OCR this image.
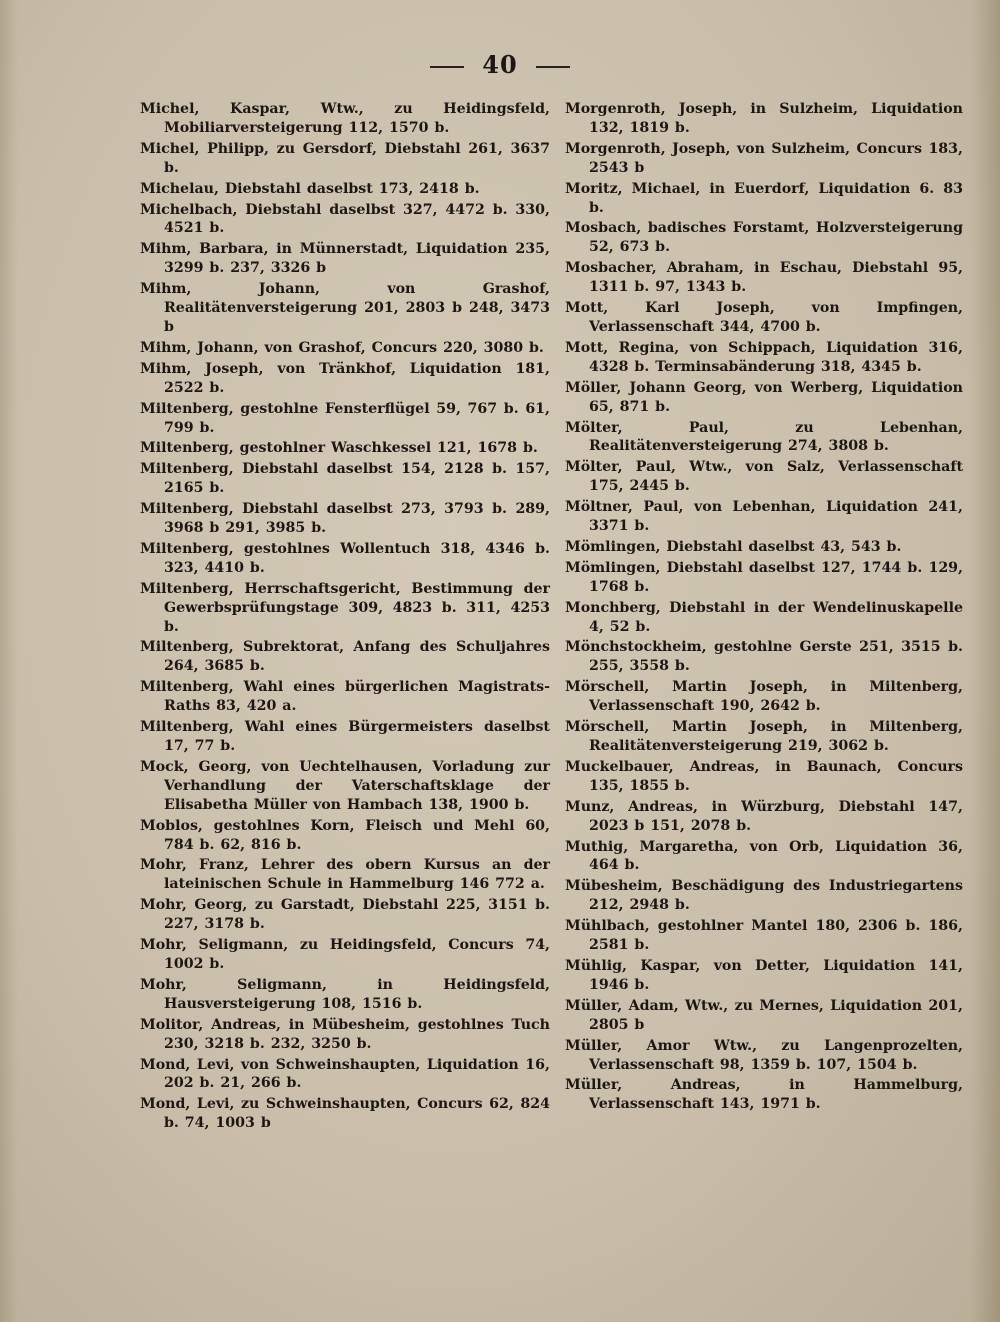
40
Michel, Kaspar, Wtw., zu Heidingsfeld, Mobiliarversteigerung 112, 1570 b.
Michel, Philipp, zu Gersdorf, Diebstahl 261, 3637 b.
Michelau, Diebstahl daselbst 173, 2418 b.
Michelbach, Diebstahl daselbst 327, 4472 b. 330, 4521 b.
Mihm, Barbara, in Münnerstadt, Liquidation 235, 3299 b. 237, 3326 b
Mihm, Johann, von Grashof, Realitätenversteigerung 201, 2803 b 248, 3473 b
Mihm, Johann, von Grashof, Concurs 220, 3080 b.
Mihm, Joseph, von Tränkhof, Liquidation 181, 2522 b.
Miltenberg, gestohlne Fensterflügel 59, 767 b. 61, 799 b.
Miltenberg, gestohlner Waschkessel 121, 1678 b.
Miltenberg, Diebstahl daselbst 154, 2128 b. 157, 2165 b.
Miltenberg, Diebstahl daselbst 273, 3793 b. 289, 3968 b 291, 3985 b.
Miltenberg, gestohlnes Wollentuch 318, 4346 b. 323, 4410 b.
Miltenberg, Herrschaftsgericht, Bestimmung der Gewerbsprüfungstage 309, 4823 b. 311, 4253 b.
Miltenberg, Subrektorat, Anfang des Schuljahres 264, 3685 b.
Miltenberg, Wahl eines bürgerlichen Magistrats-Raths 83, 420 a.
Miltenberg, Wahl eines Bürgermeisters daselbst 17, 77 b.
Mock, Georg, von Uechtelhausen, Vorladung zur Verhandlung der Vaterschaftsklage der Elisabetha Müller von Hambach 138, 1900 b.
Moblos, gestohlnes Korn, Fleisch und Mehl 60, 784 b. 62, 816 b.
Mohr, Franz, Lehrer des obern Kursus an der lateinischen Schule in Hammelburg 146 772 a.
Mohr, Georg, zu Garstadt, Diebstahl 225, 3151 b. 227, 3178 b.
Mohr, Seligmann, zu Heidingsfeld, Concurs 74, 1002 b.
Mohr, Seligmann, in Heidingsfeld, Hausversteigerung 108, 1516 b.
Molitor, Andreas, in Mübesheim, gestohlnes Tuch 230, 3218 b. 232, 3250 b.
Mond, Levi, von Schweinshaupten, Liquidation 16, 202 b. 21, 266 b.
Mond, Levi, zu Schweinshaupten, Concurs 62, 824 b. 74, 1003 b
Morgenroth, Joseph, in Sulzheim, Liquidation 132, 1819 b.
Morgenroth, Joseph, von Sulzheim, Concurs 183, 2543 b
Moritz, Michael, in Euerdorf, Liquidation 6. 83 b.
Mosbach, badisches Forstamt, Holzversteigerung 52, 673 b.
Mosbacher, Abraham, in Eschau, Diebstahl 95, 1311 b. 97, 1343 b.
Mott, Karl Joseph, von Impfingen, Verlassenschaft 344, 4700 b.
Mott, Regina, von Schippach, Liquidation 316, 4328 b. Terminsabänderung 318, 4345 b.
Möller, Johann Georg, von Werberg, Liquidation 65, 871 b.
Mölter, Paul, zu Lebenhan, Realitätenversteigerung 274, 3808 b.
Mölter, Paul, Wtw., von Salz, Verlassenschaft 175, 2445 b.
Möltner, Paul, von Lebenhan, Liquidation 241, 3371 b.
Mömlingen, Diebstahl daselbst 43, 543 b.
Mömlingen, Diebstahl daselbst 127, 1744 b. 129, 1768 b.
Monchberg, Diebstahl in der Wendelinuskapelle 4, 52 b.
Mönchstockheim, gestohlne Gerste 251, 3515 b. 255, 3558 b.
Mörschell, Martin Joseph, in Miltenberg, Verlassenschaft 190, 2642 b.
Mörschell, Martin Joseph, in Miltenberg, Realitätenversteigerung 219, 3062 b.
Muckelbauer, Andreas, in Baunach, Concurs 135, 1855 b.
Munz, Andreas, in Würzburg, Diebstahl 147, 2023 b 151, 2078 b.
Muthig, Margaretha, von Orb, Liquidation 36, 464 b.
Mübesheim, Beschädigung des Industriegartens 212, 2948 b.
Mühlbach, gestohlner Mantel 180, 2306 b. 186, 2581 b.
Mühlig, Kaspar, von Detter, Liquidation 141, 1946 b.
Müller, Adam, Wtw., zu Mernes, Liquidation 201, 2805 b
Müller, Amor Wtw., zu Langenprozelten, Verlassenschaft 98, 1359 b. 107, 1504 b.
Müller, Andreas, in Hammelburg, Verlassenschaft 143, 1971 b.
